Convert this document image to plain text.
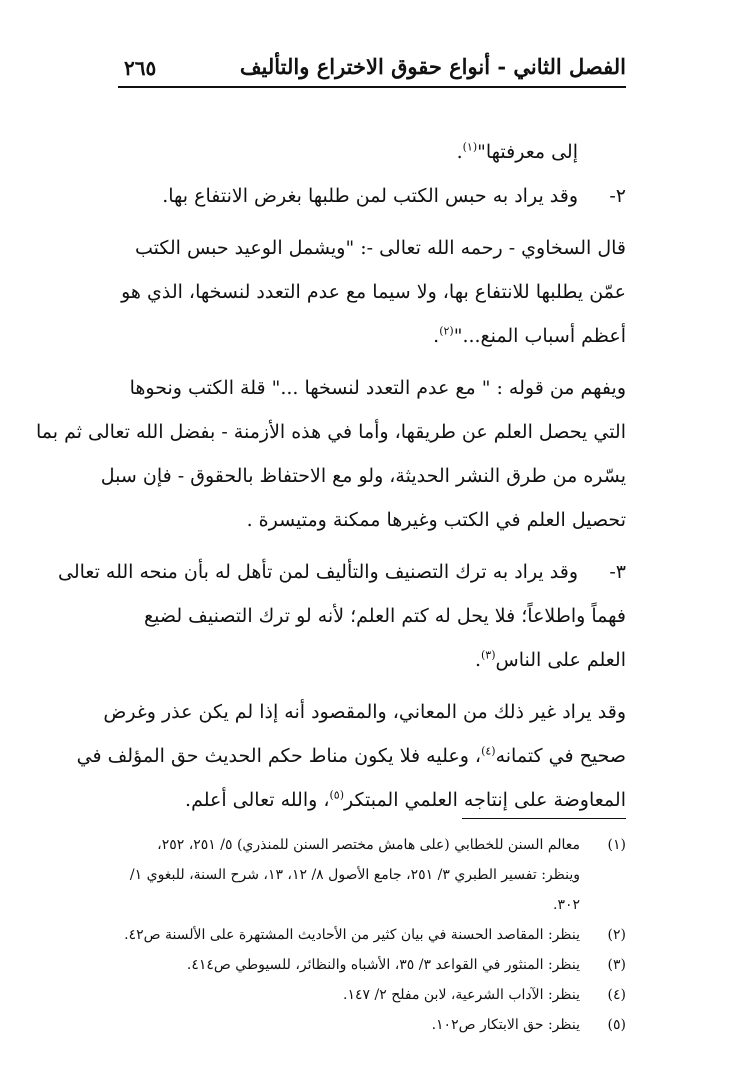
الفصل الثاني - أنواع حقوق الاختراع والتأليف
٢٦٥
إلى معرفتها"$^{(١)}$.
٢-
وقد يراد به حبس الكتب لمن طلبها بغرض الانتفاع بها.
قال السخاوي - رحمه الله تعالى -: "ويشمل الوعيد حبس الكتب
عمّن يطلبها للانتفاع بها، ولا سيما مع عدم التعدد لنسخها، الذي هو
أعظم أسباب المنع..."$^{(٢)}$.
ويفهم من قوله : " مع عدم التعدد لنسخها ..." قلة الكتب ونحوها
التي يحصل العلم عن طريقها، وأما في هذه الأزمنة - بفضل الله تعالى ثم بما
يسّره من طرق النشر الحديثة، ولو مع الاحتفاظ بالحقوق - فإن سبل
تحصيل العلم في الكتب وغيرها ممكنة ومتيسرة .
٣-
وقد يراد به ترك التصنيف والتأليف لمن تأهل له بأن منحه الله تعالى
فهماً واطلاعاً؛ فلا يحل له كتم العلم؛ لأنه لو ترك التصنيف لضيع
العلم على الناس$^{(٣)}$.
وقد يراد غير ذلك من المعاني، والمقصود أنه إذا لم يكن عذر وغرض
صحيح في كتمانه$^{(٤)}$، وعليه فلا يكون مناط حكم الحديث حق المؤلف في
المعاوضة على إنتاجه العلمي المبتكر$^{(٥)}$، والله تعالى أعلم.
(١)
معالم السنن للخطابي (على هامش مختصر السنن للمنذري) ٥/ ٢٥١، ٢٥٢، وينظر: تفسير الطبري ٣/ ٢٥١، جامع الأصول ٨/ ١٢، ١٣، شرح السنة، للبغوي ١/ ٣٠٢.
(٢)
ينظر: المقاصد الحسنة في بيان كثير من الأحاديث المشتهرة على الألسنة ص٤٢.
(٣)
ينظر: المنثور في القواعد ٣/ ٣٥، الأشباه والنظائر، للسيوطي ص٤١٤.
(٤)
ينظر: الآداب الشرعية، لابن مفلح ٢/ ١٤٧.
(٥)
ينظر: حق الابتكار ص١٠٢.
